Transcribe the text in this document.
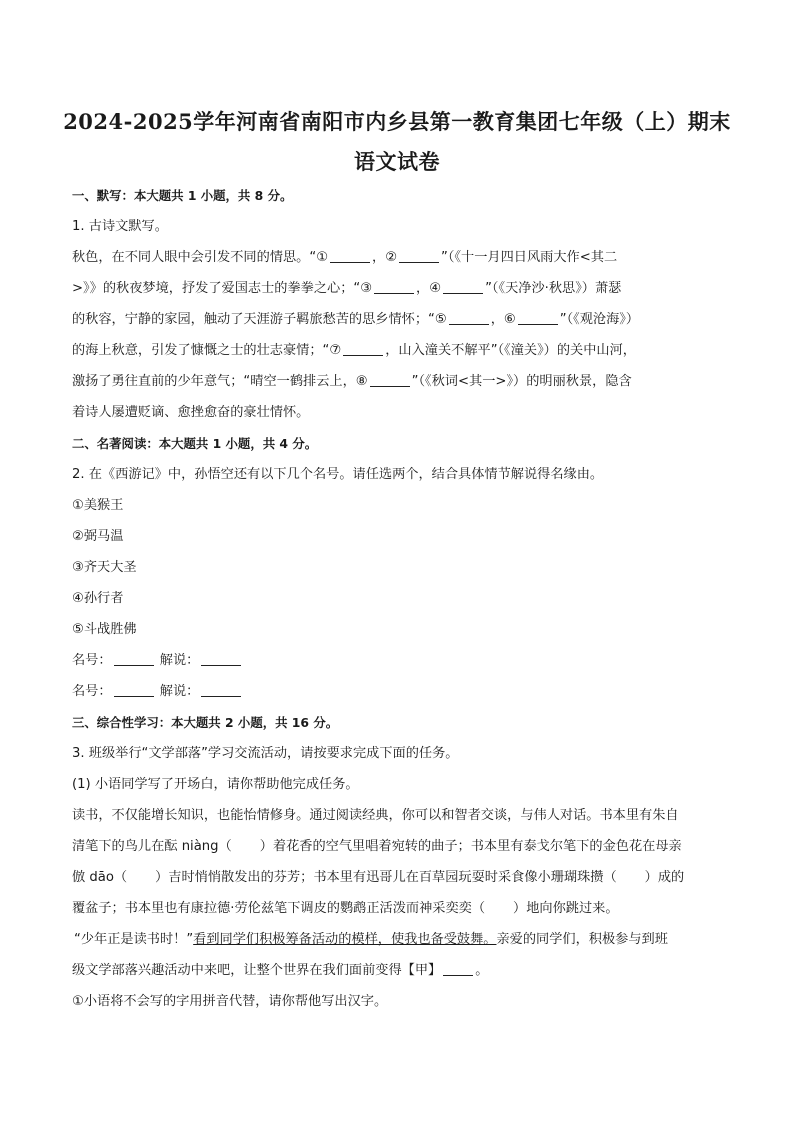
2024-2025学年河南省南阳市内乡县第一教育集团七年级（上）期末
语文试卷
一、默写：本大题共 1 小题，共 8 分。
1. 古诗文默写。
秋色，在不同人眼中会引发不同的情思。“①	，②	”（《十一月四日风雨大作<其二
>》》的秋夜梦境，抒发了爱国志士的拳拳之心；“③	，④	”（《天净沙·秋思》）萧瑟
的秋容，宁静的家园，触动了天涯游子羁旅愁苦的思乡情怀；“⑤	，⑥	”（《观沧海》）
的海上秋意，引发了慷慨之士的壮志豪情；“⑦	，山入潼关不解平”（《潼关》）的关中山河，
激扬了勇往直前的少年意气；“晴空一鹤排云上，⑧	”（《秋词<其一>》）的明丽秋景，隐含
着诗人屡遭贬谪、愈挫愈奋的豪壮情怀。
二、名著阅读：本大题共 1 小题，共 4 分。
2. 在《西游记》中，孙悟空还有以下几个名号。请任选两个，结合具体情节解说得名缘由。
①美猴王
②弼马温
③齐天大圣
④孙行者
⑤斗战胜佛
名号：	解说：
名号：	解说：
三、综合性学习：本大题共 2 小题，共 16 分。
3. 班级举行“文学部落”学习交流活动，请按要求完成下面的任务。
(1) 小语同学写了开场白，请你帮助他完成任务。
读书，不仅能增长知识，也能怡情修身。通过阅读经典，你可以和智者交谈，与伟人对话。书本里有朱自
清笔下的鸟儿在酝 niàng（ ）着花香的空气里唱着宛转的曲子；书本里有泰戈尔笔下的金色花在母亲
倣 dāo（ ）吉时悄悄散发出的芬芳；书本里有迅哥儿在百草园玩耍时采食像小珊瑚珠攒（ ）成的
覆盆子；书本里也有康拉德·劳伦兹笔下调皮的鹦鹉正活泼而神采奕奕（ ）地向你跳过来。
“少年正是读书时！”看到同学们积极筹备活动的模样，使我也备受鼓舞。亲爱的同学们，积极参与到班
级文学部落兴趣活动中来吧，让整个世界在我们面前变得【甲】	。
①小语将不会写的字用拼音代替，请你帮他写出汉字。
